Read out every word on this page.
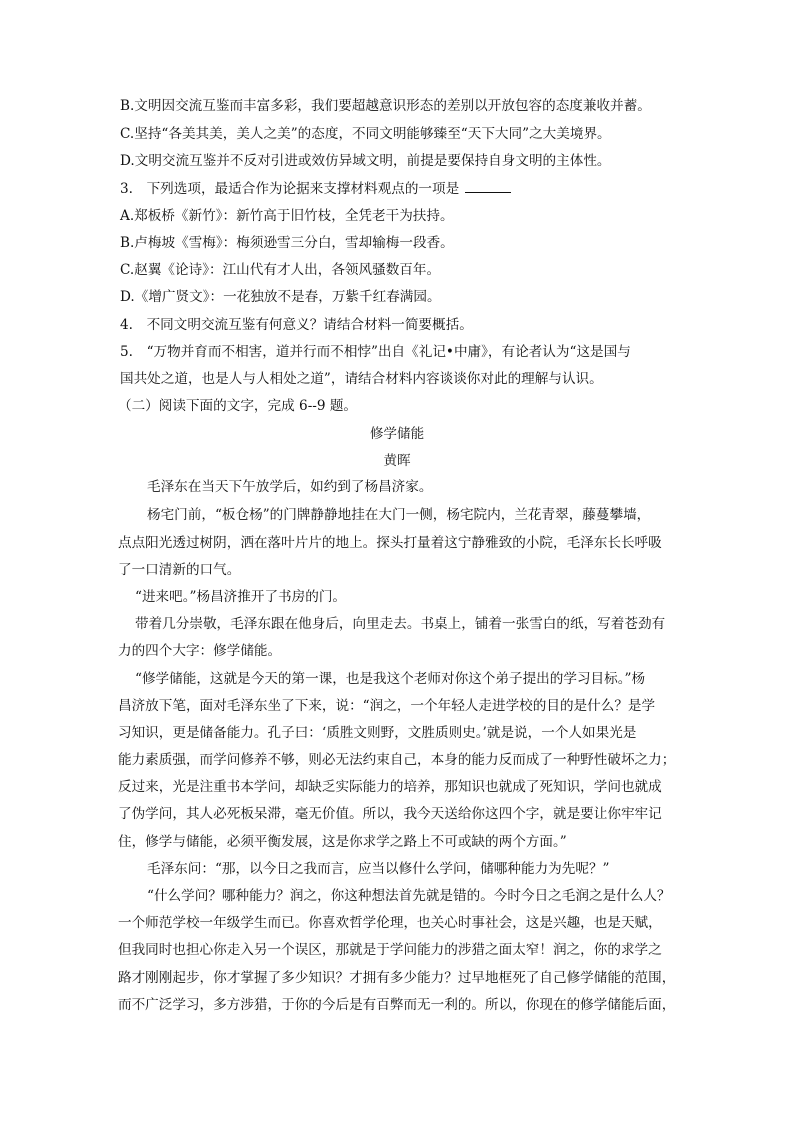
B.文明因交流互鉴而丰富多彩，我们要超越意识形态的差别以开放包容的态度兼收并蓄。
C.坚持“各美其美，美人之美”的态度，不同文明能够臻至“天下大同”之大美境界。
D.文明交流互鉴并不反对引进或效仿异域文明，前提是要保持自身文明的主体性。
3.　下列选项，最适合作为论据来支撑材料观点的一项是
A.郑板桥《新竹》：新竹高于旧竹枝，全凭老干为扶持。
B.卢梅坡《雪梅》：梅须逊雪三分白，雪却输梅一段香。
C.赵翼《论诗》：江山代有才人出，各领风骚数百年。
D.《增广贤文》：一花独放不是春，万紫千红春满园。
4.　不同文明交流互鉴有何意义？请结合材料一简要概括。
5.　“万物并育而不相害，道并行而不相悖”出自《礼记•中庸》，有论者认为“这是国与
国共处之道，也是人与人相处之道”，请结合材料内容谈谈你对此的理解与认识。
（二）阅读下面的文字，完成 6--9 题。
修学储能
黄晖
毛泽东在当天下午放学后，如约到了杨昌济家。
杨宅门前，“板仓杨”的门牌静静地挂在大门一侧，杨宅院内，兰花青翠，藤蔓攀墙，
点点阳光透过树阴，洒在落叶片片的地上。探头打量着这宁静雅致的小院，毛泽东长长呼吸
了一口清新的口气。
“进来吧。”杨昌济推开了书房的门。
带着几分崇敬，毛泽东跟在他身后，向里走去。书桌上，铺着一张雪白的纸，写着苍劲有
力的四个大字：修学储能。
“修学储能，这就是今天的第一课，也是我这个老师对你这个弟子提出的学习目标。”杨
昌济放下笔，面对毛泽东坐了下来，说：“润之，一个年轻人走进学校的目的是什么？是学
习知识，更是储备能力。孔子曰：‘质胜文则野，文胜质则史。’就是说，一个人如果光是
能力素质强，而学问修养不够，则必无法约束自己，本身的能力反而成了一种野性破坏之力；
反过来，光是注重书本学问，却缺乏实际能力的培养，那知识也就成了死知识，学问也就成
了伪学问，其人必死板呆滞，毫无价值。所以，我今天送给你这四个字，就是要让你牢牢记
住，修学与储能，必须平衡发展，这是你求学之路上不可或缺的两个方面。”
毛泽东问：“那，以今日之我而言，应当以修什么学问，储哪种能力为先呢？”
“什么学问？哪种能力？润之，你这种想法首先就是错的。今时今日之毛润之是什么人？
一个师范学校一年级学生而已。你喜欢哲学伦理，也关心时事社会，这是兴趣，也是天赋，
但我同时也担心你走入另一个误区，那就是于学问能力的涉猎之面太窄！润之，你的求学之
路才刚刚起步，你才掌握了多少知识？才拥有多少能力？过早地框死了自己修学储能的范围，
而不广泛学习，多方涉猎，于你的今后是有百弊而无一利的。所以，你现在的修学储能后面，
